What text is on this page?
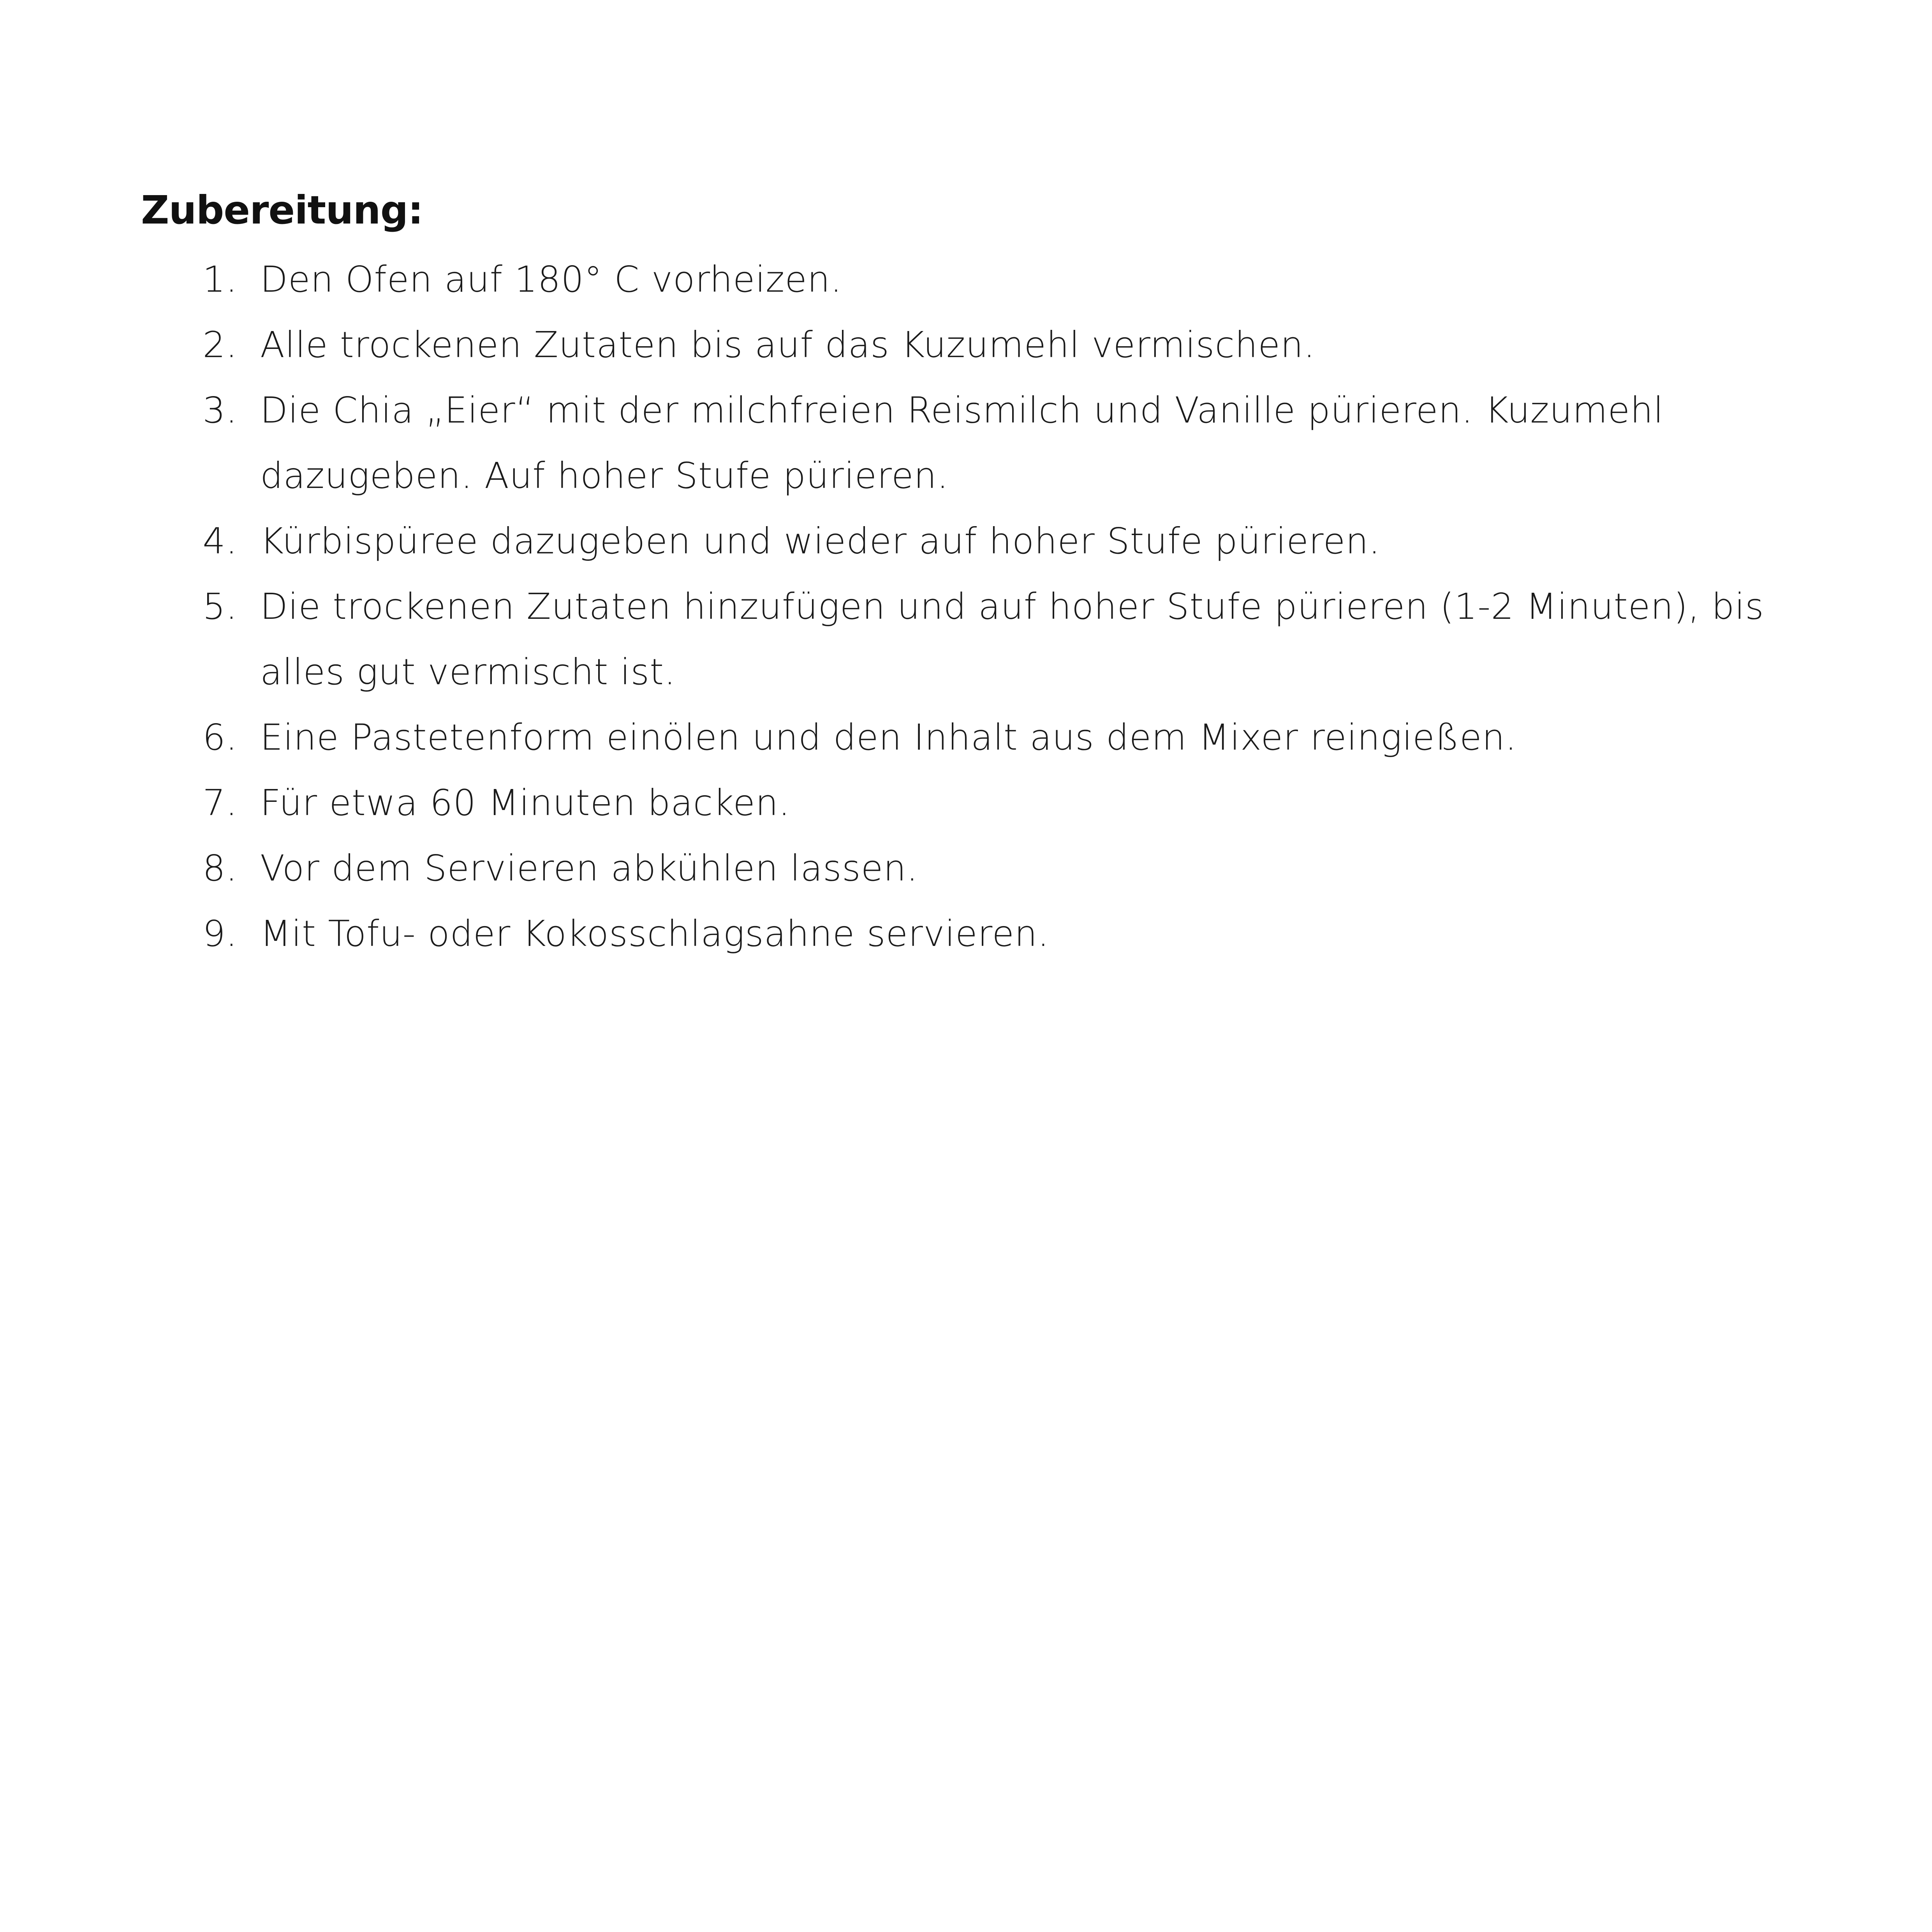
Zubereitung:
1. Den Ofen auf 180° C vorheizen.
2. Alle trockenen Zutaten bis auf das Kuzumehl vermischen.
3. Die Chia „Eier“ mit der milchfreien Reismilch und Vanille pürieren. Kuzumehl dazugeben. Auf hoher Stufe pürieren.
4. Kürbispüree dazugeben und wieder auf hoher Stufe pürieren.
5. Die trockenen Zutaten hinzufügen und auf hoher Stufe pürieren (1-2 Minuten), bis alles gut vermischt ist.
6. Eine Pastetenform einölen und den Inhalt aus dem Mixer reingießen.
7. Für etwa 60 Minuten backen.
8. Vor dem Servieren abkühlen lassen.
9. Mit Tofu- oder Kokosschlagsahne servieren.
